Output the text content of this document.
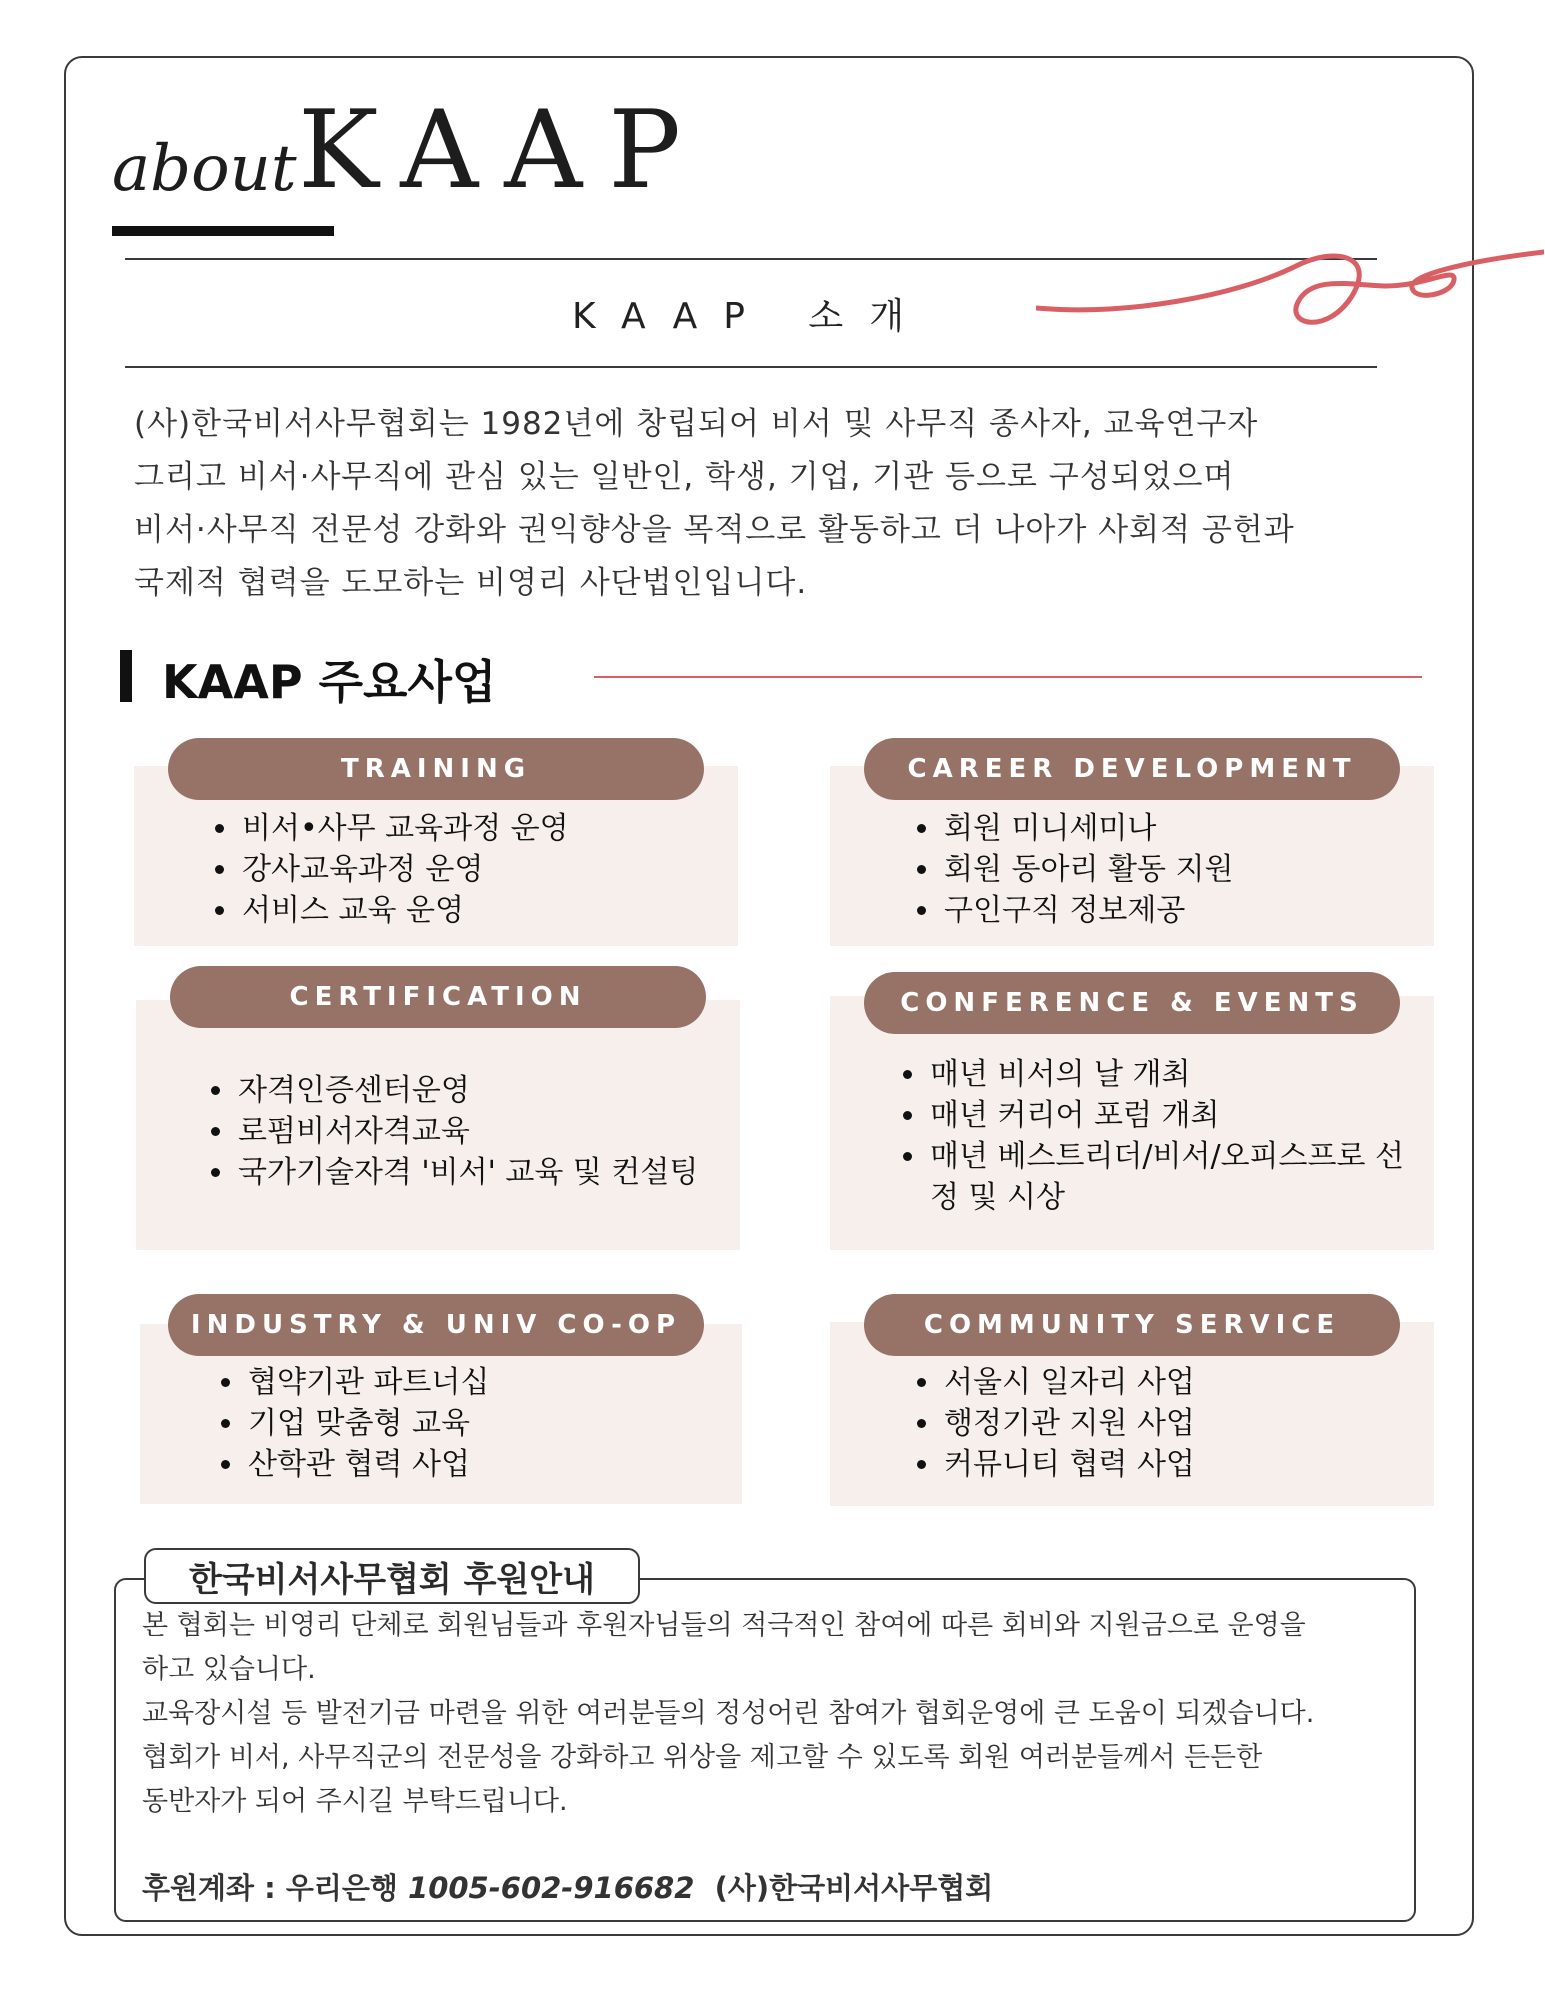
about KAAP
KAAP 소개

(사)한국비서사무협회는 1982년에 창립되어 비서 및 사무직 종사자, 교육연구자

그리고 비서·사무직에 관심 있는 일반인, 학생, 기업, 기관 등으로 구성되었으며

비서·사무직 전문성 강화와 권익향상을 목적으로 활동하고 더 나아가 사회적 공헌과

국제적 협력을 도모하는 비영리 사단법인입니다.

KAAP 주요사업
TRAINING
• 비서•사무 교육과정 운영
• 강사교육과정 운영
• 서비스 교육 운영
CAREER DEVELOPMENT
• 회원 미니세미나
• 회원 동아리 활동 지원
• 구인구직 정보제공
CERTIFICATION
• 자격인증센터운영
• 로펌비서자격교육
• 국가기술자격 '비서' 교육 및 컨설팅
CONFERENCE & EVENTS
• 매년 비서의 날 개최
• 매년 커리어 포럼 개최
• 매년 베스트리더/비서/오피스프로 선정 및 시상
INDUSTRY & UNIV CO-OP
• 협약기관 파트너십
• 기업 맞춤형 교육
• 산학관 협력 사업
COMMUNITY SERVICE
• 서울시 일자리 사업
• 행정기관 지원 사업
• 커뮤니티 협력 사업
한국비서사무협회 후원안내

본 협회는 비영리 단체로 회원님들과 후원자님들의 적극적인 참여에 따른 회비와 지원금으로 운영을

하고 있습니다.

교육장시설 등 발전기금 마련을 위한 여러분들의 정성어린 참여가 협회운영에 큰 도움이 되겠습니다.

협회가 비서, 사무직군의 전문성을 강화하고 위상을 제고할 수 있도록 회원 여러분들께서 든든한

동반자가 되어 주시길 부탁드립니다.

후원계좌 : 우리은행 1005-602-916682 (사)한국비서사무협회
